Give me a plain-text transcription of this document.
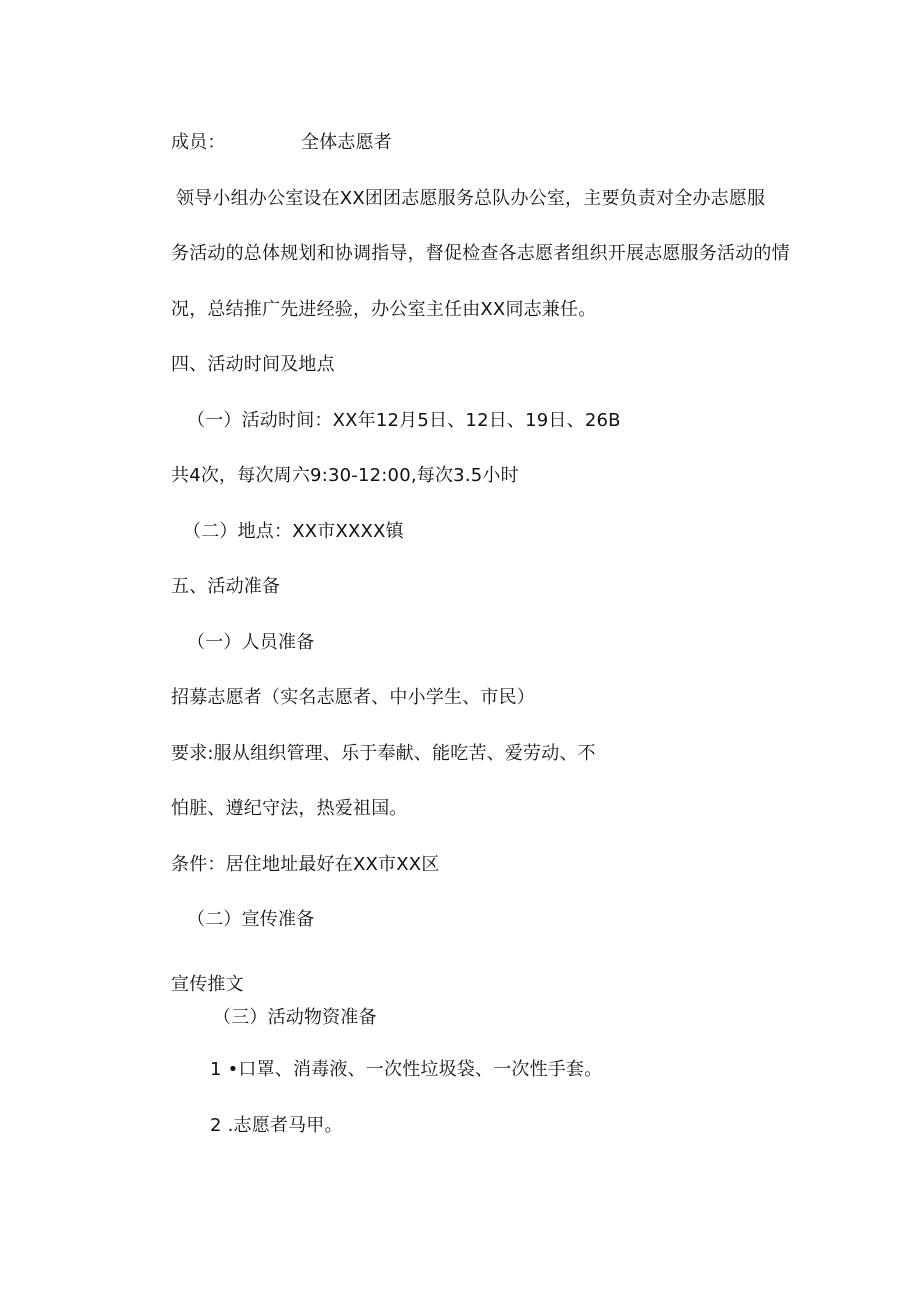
成员：	全体志愿者
领导小组办公室设在XX团团志愿服务总队办公室，主要负责对全办志愿服
务活动的总体规划和协调指导，督促检查各志愿者组织开展志愿服务活动的情
况，总结推广先进经验，办公室主任由XX同志兼任。
四、活动时间及地点
（一）活动时间：XX年12月5日、12日、19日、26B
共4次，每次周六9:30-12:00,每次3.5小时
（二）地点：XX市XXXX镇
五、活动准备
（一）人员准备
招募志愿者（实名志愿者、中小学生、市民）
要求:服从组织管理、乐于奉献、能吃苦、爱劳动、不
怕脏、遵纪守法，热爱祖国。
条件：居住地址最好在XX市XX区
（二）宣传准备
宣传推文
（三）活动物资准备
1 •口罩、消毒液、一次性垃圾袋、一次性手套。
2 .志愿者马甲。
